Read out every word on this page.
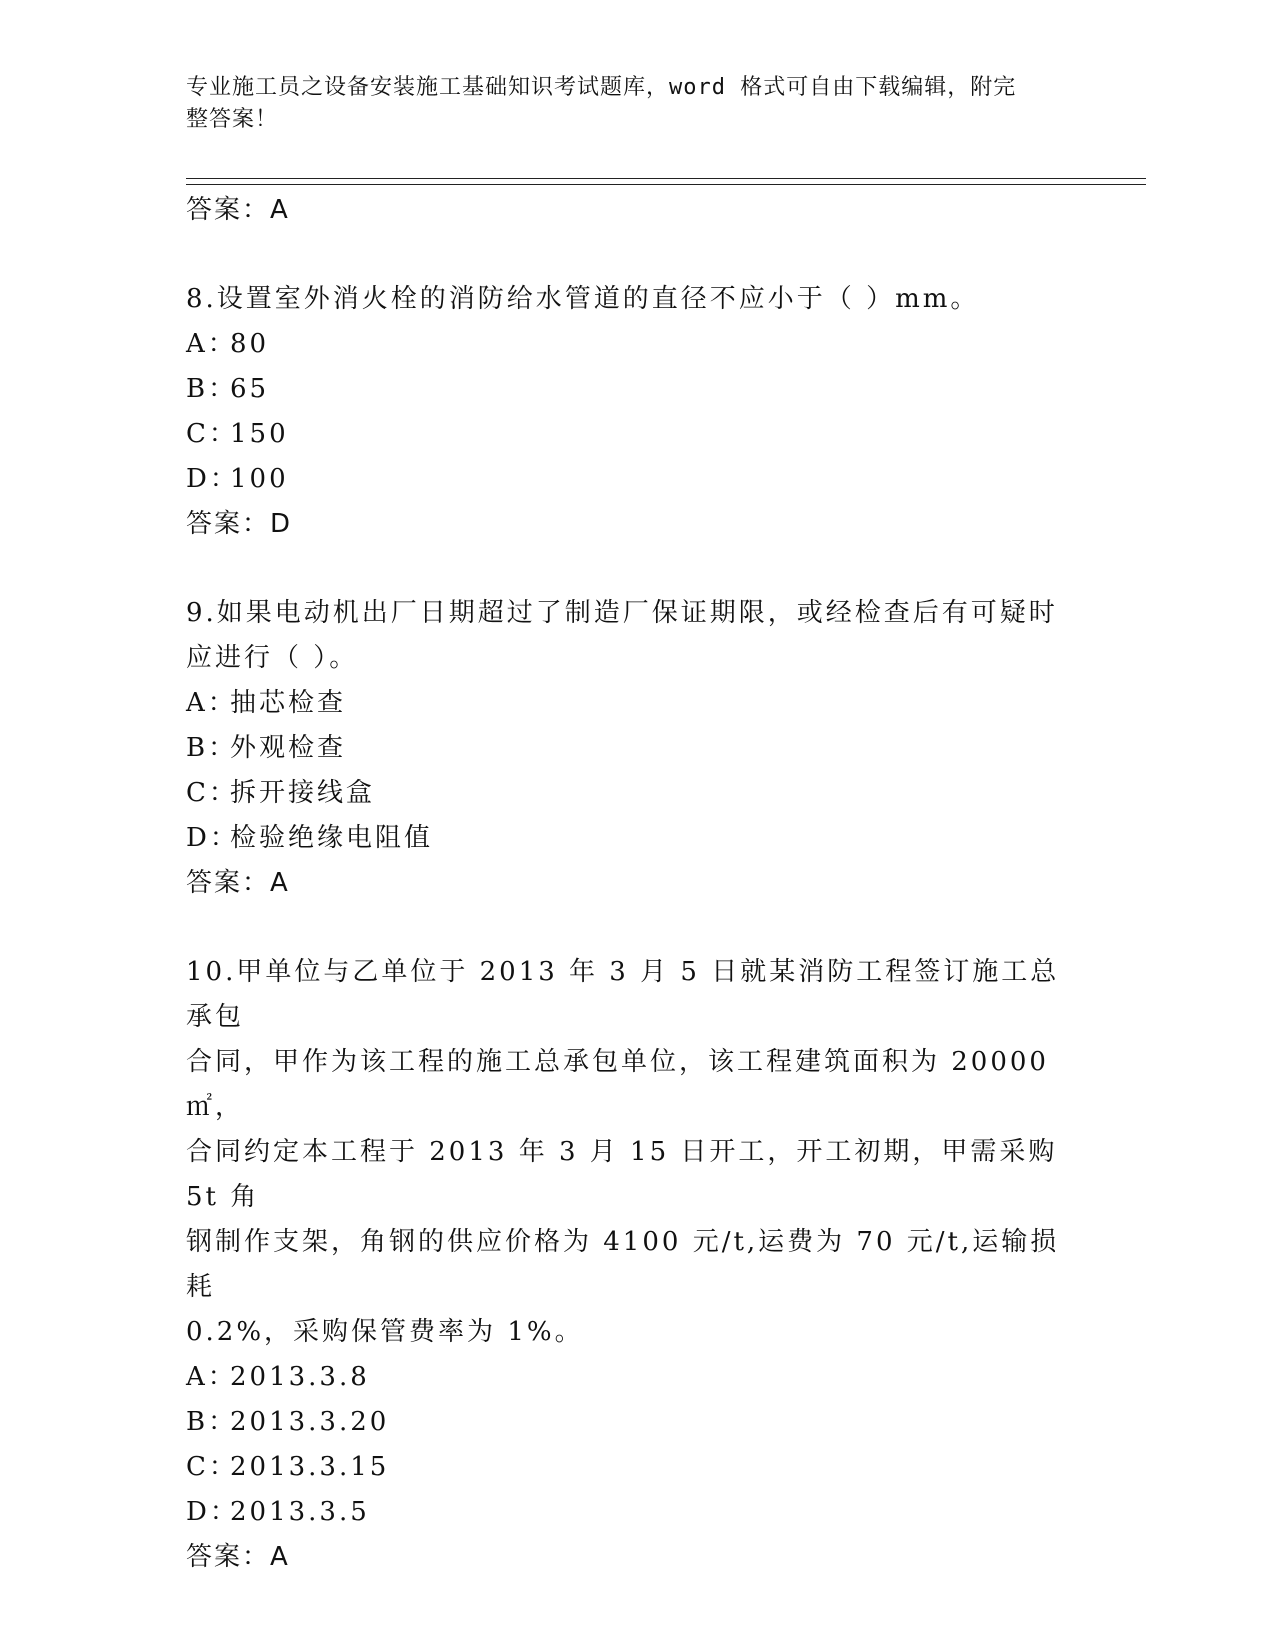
专业施工员之设备安装施工基础知识考试题库，word 格式可自由下载编辑，附完
整答案！
答案：A
8.设置室外消火栓的消防给水管道的直径不应小于（ ）mm。
A：80
B：65
C：150
D：100
答案：D
9.如果电动机出厂日期超过了制造厂保证期限，或经检查后有可疑时
应进行（ ）。
A：抽芯检查
B：外观检查
C：拆开接线盒
D：检验绝缘电阻值
答案：A
10.甲单位与乙单位于 2013 年 3 月 5 日就某消防工程签订施工总承包
合同，甲作为该工程的施工总承包单位，该工程建筑面积为 20000㎡，
合同约定本工程于 2013 年 3 月 15 日开工，开工初期，甲需采购 5t 角
钢制作支架，角钢的供应价格为 4100 元/t,运费为 70 元/t,运输损耗
0.2%，采购保管费率为 1%。
A：2013.3.8
B：2013.3.20
C：2013.3.15
D：2013.3.5
答案：A
